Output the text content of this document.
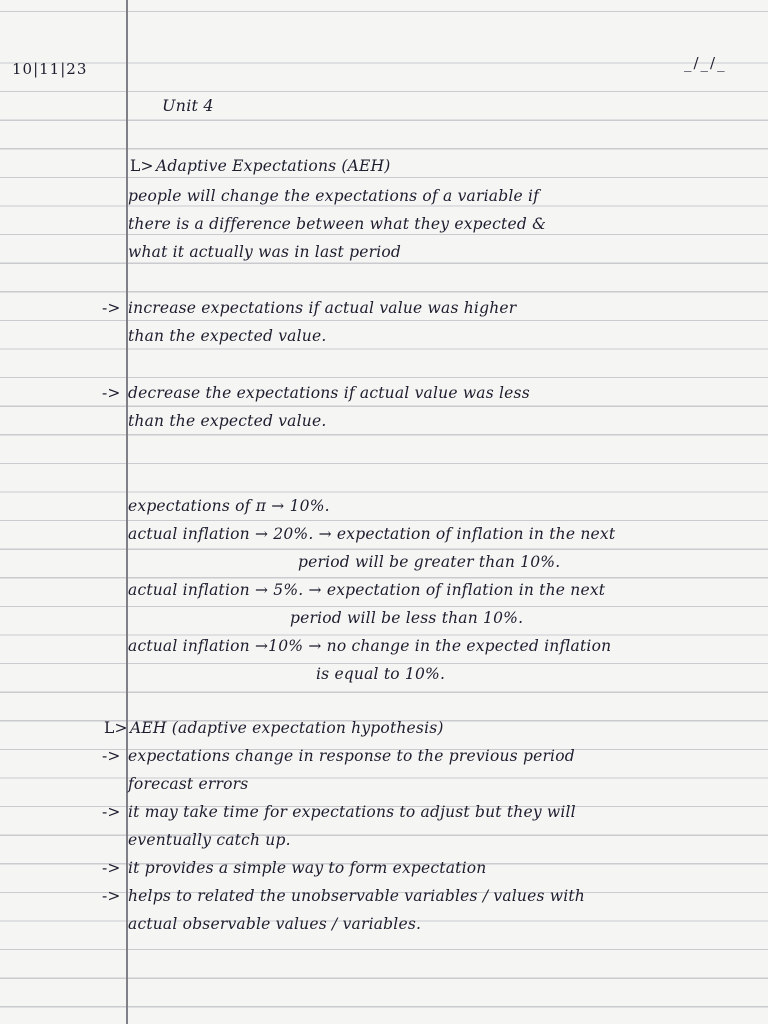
10|11|23	_/_/_

Unit 4

L> Adaptive Expectations (AEH)

people will change the expectations of a variable if

there is a difference between what they expected &

what it actually was in last period

-> increase expectations if actual value was higher

than the expected value.

-> decrease the expectations if actual value was less

than the expected value.

expectations of π → 10%.

actual inflation → 20%. → expectation of inflation in the next

period will be greater than 10%.

actual inflation → 5%. → expectation of inflation in the next

period will be less than 10%.

actual inflation →10% → no change in the expected inflation

is equal to 10%.

L> AEH (adaptive expectation hypothesis)

-> expectations change in response to the previous period

forecast errors

-> it may take time for expectations to adjust but they will

eventually catch up.

-> it provides a simple way to form expectation

-> helps to related the unobservable variables / values with

actual observable values / variables.
